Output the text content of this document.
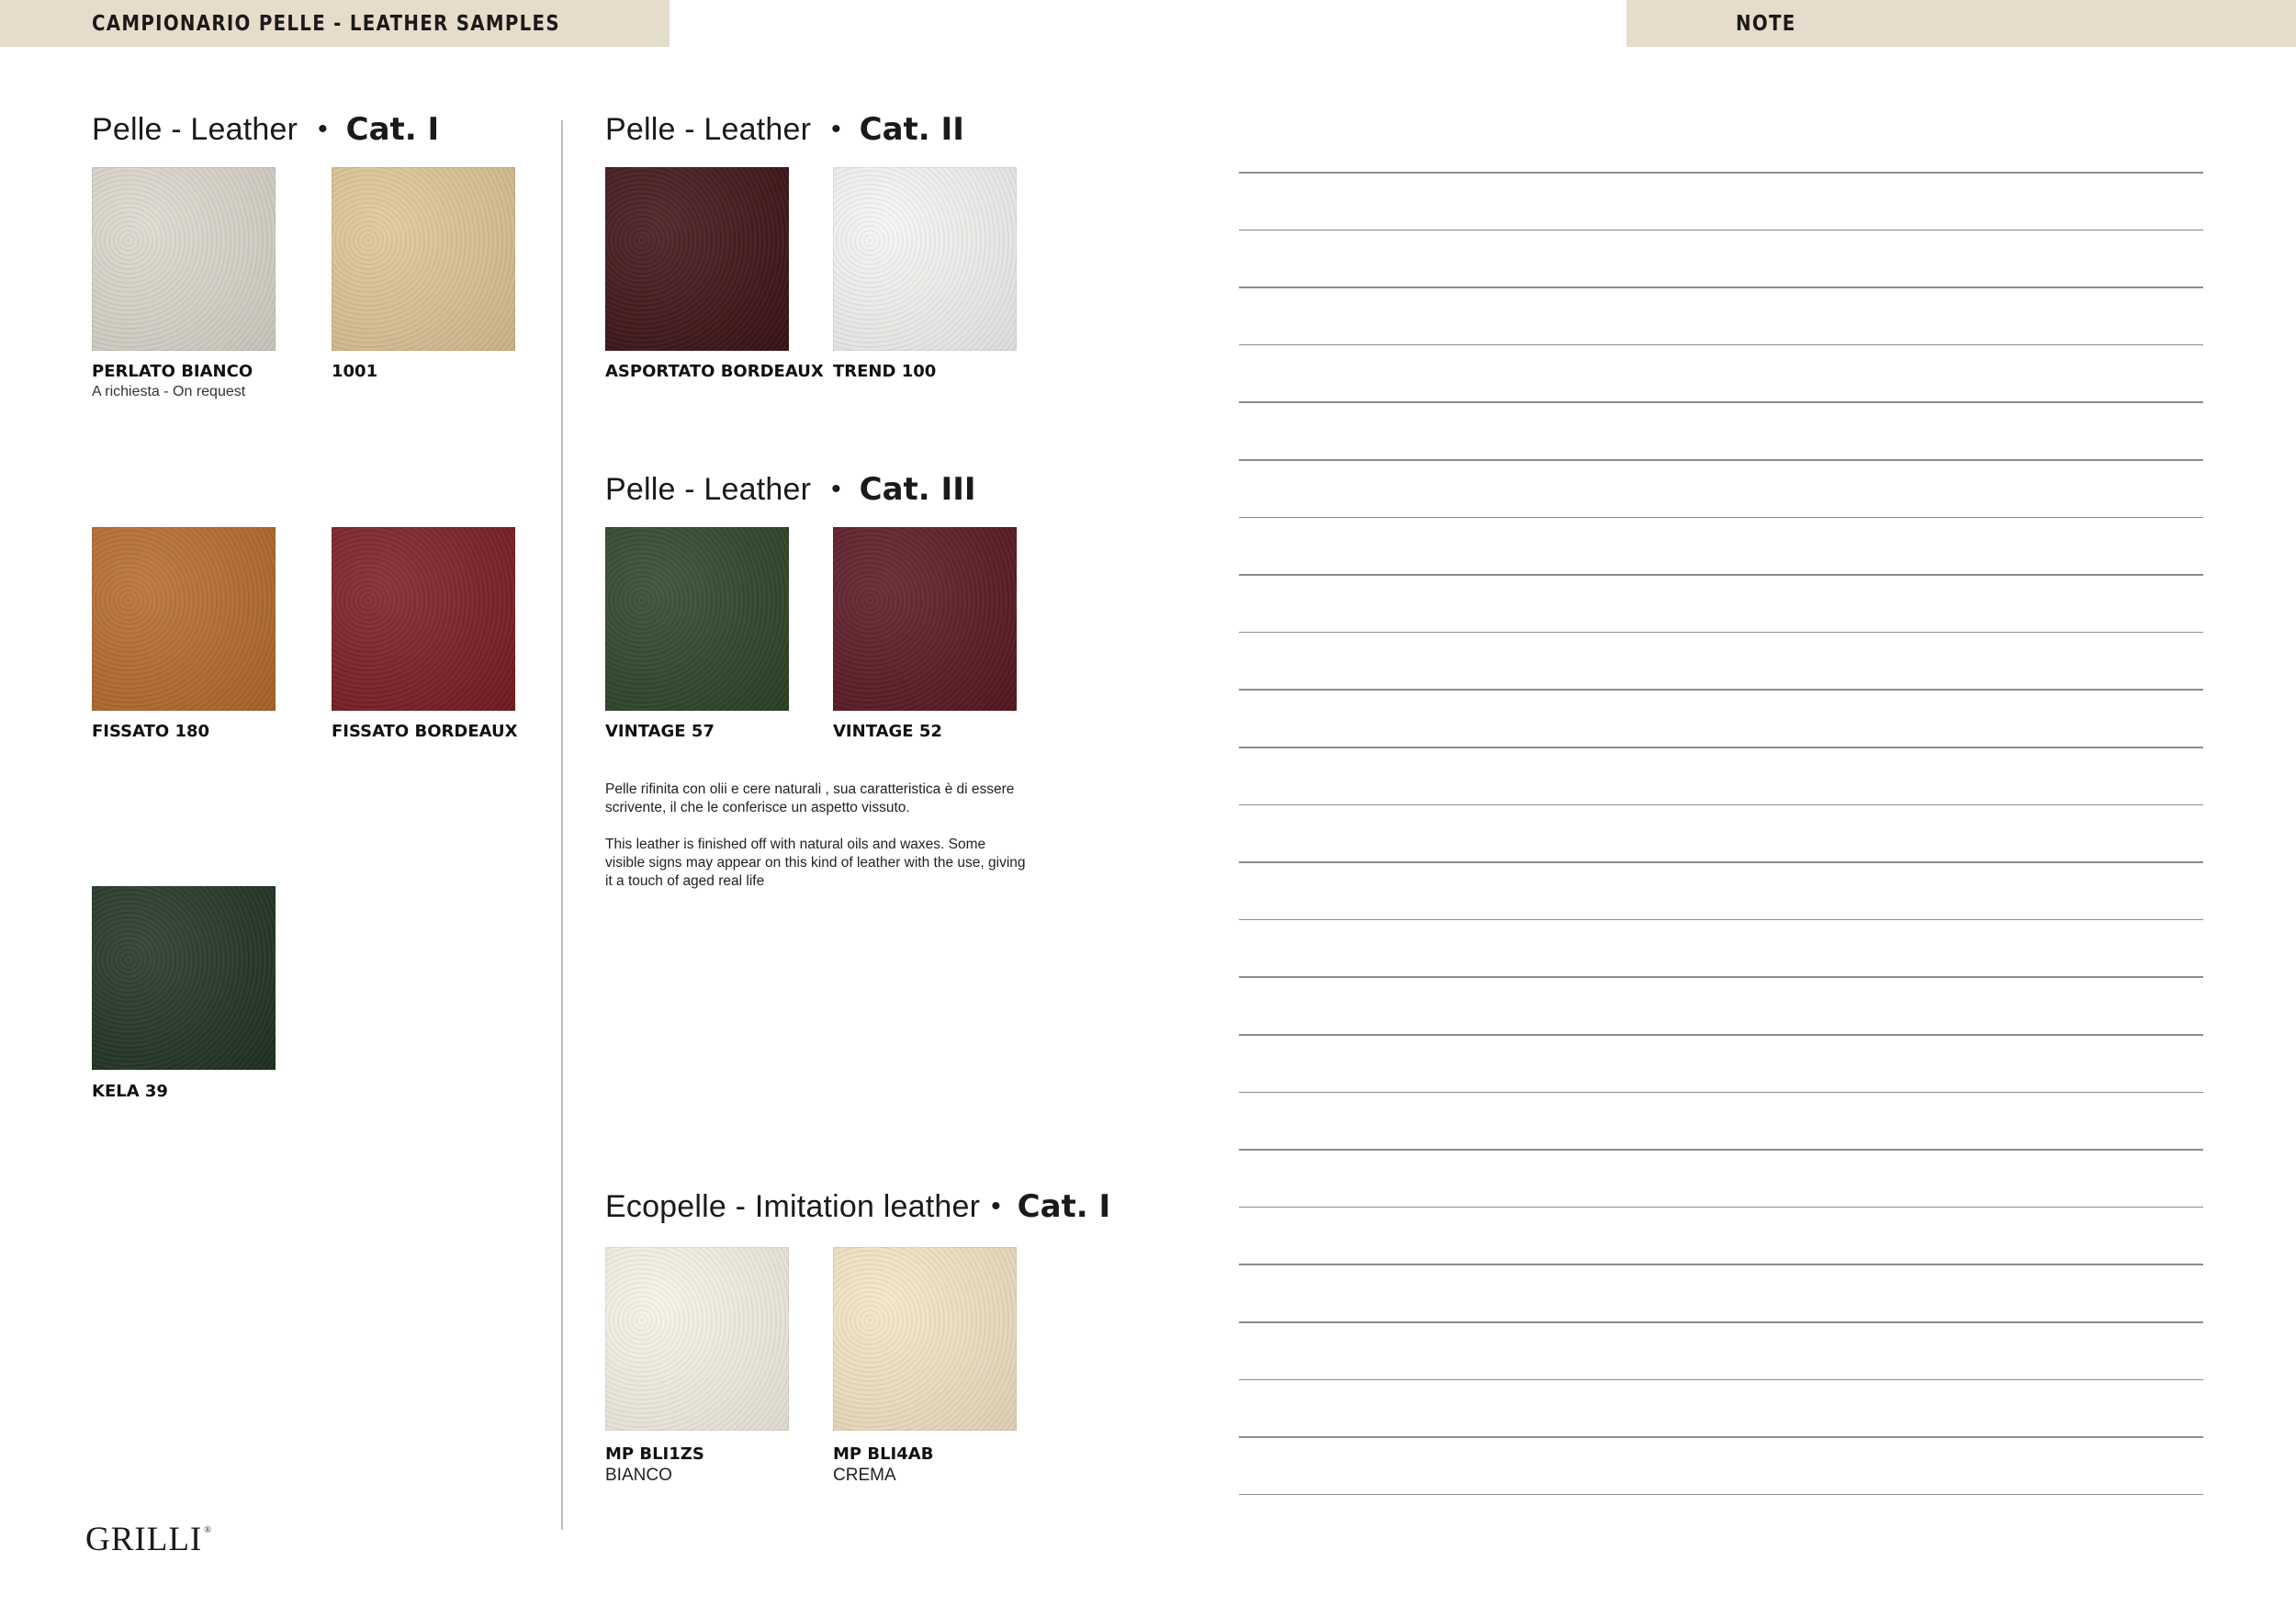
CAMPIONARIO PELLE - LEATHER SAMPLES	NOTE
Pelle - Leather • Cat. I
PERLATO BIANCO
A richiesta - On request
1001
FISSATO 180	FISSATO BORDEAUX
KELA 39
Pelle - Leather • Cat. II
ASPORTATO BORDEAUX TREND 100
Pelle - Leather • Cat. III
VINTAGE 57	VINTAGE 52
Pelle rifinita con olii e cere naturali , sua caratteristica è di essere scrivente, il che le conferisce un aspetto vissuto.
This leather is finished off with natural oils and waxes. Some visible signs may appear on this kind of leather with the use, giving it a touch of aged real life
Ecopelle - Imitation leather • Cat. I
MP BLI1ZS
BIANCO
MP BLI4AB
CREMA
GRILLI ®
